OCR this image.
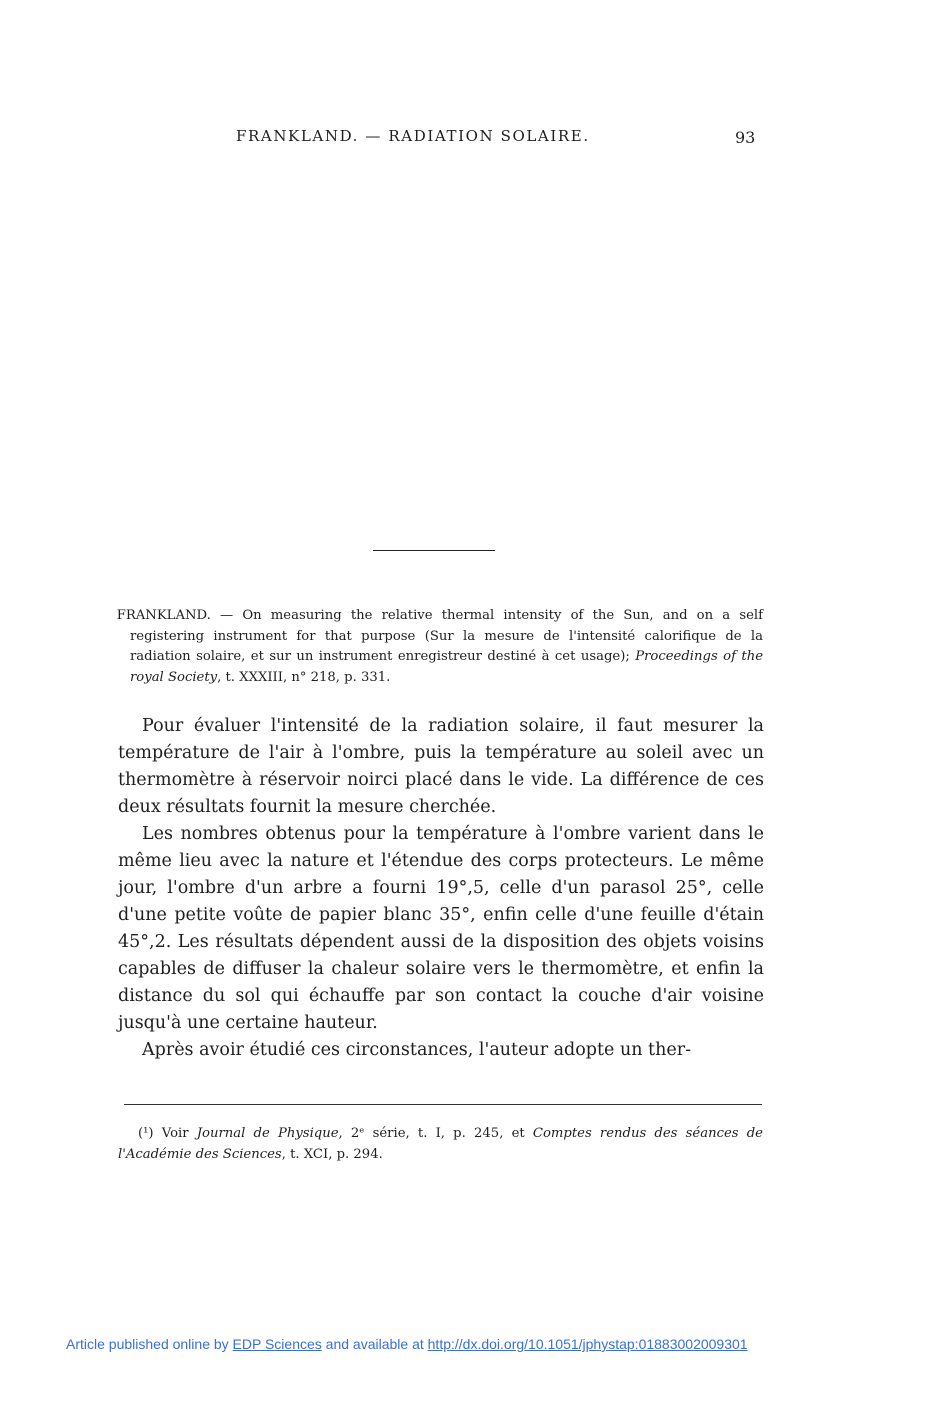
FRANKLAND. — RADIATION SOLAIRE.	93

FRANKLAND. — On measuring the relative thermal intensity of the Sun, and on a self registering instrument for that purpose (Sur la mesure de l'intensité calorifique de la radiation solaire, et sur un instrument enregistreur destiné à cet usage); Proceedings of the royal Society, t. XXXIII, n° 218, p. 331.

Pour évaluer l'intensité de la radiation solaire, il faut mesurer la température de l'air à l'ombre, puis la température au soleil avec un thermomètre à réservoir noirci placé dans le vide. La différence de ces deux résultats fournit la mesure cherchée.

Les nombres obtenus pour la température à l'ombre varient dans le même lieu avec la nature et l'étendue des corps protecteurs. Le même jour, l'ombre d'un arbre a fourni 19°,5, celle d'un parasol 25°, celle d'une petite voûte de papier blanc 35°, enfin celle d'une feuille d'étain 45°,2. Les résultats dépendent aussi de la disposition des objets voisins capables de diffuser la chaleur solaire vers le thermomètre, et enfin la distance du sol qui échauffe par son contact la couche d'air voisine jusqu'à une certaine hauteur.

Après avoir étudié ces circonstances, l'auteur adopte un ther-

(¹) Voir Journal de Physique, 2ᵉ série, t. I, p. 245, et Comptes rendus des séances de l'Académie des Sciences, t. XCI, p. 294.

Article published online by EDP Sciences and available at http://dx.doi.org/10.1051/jphystap:01883002009301
